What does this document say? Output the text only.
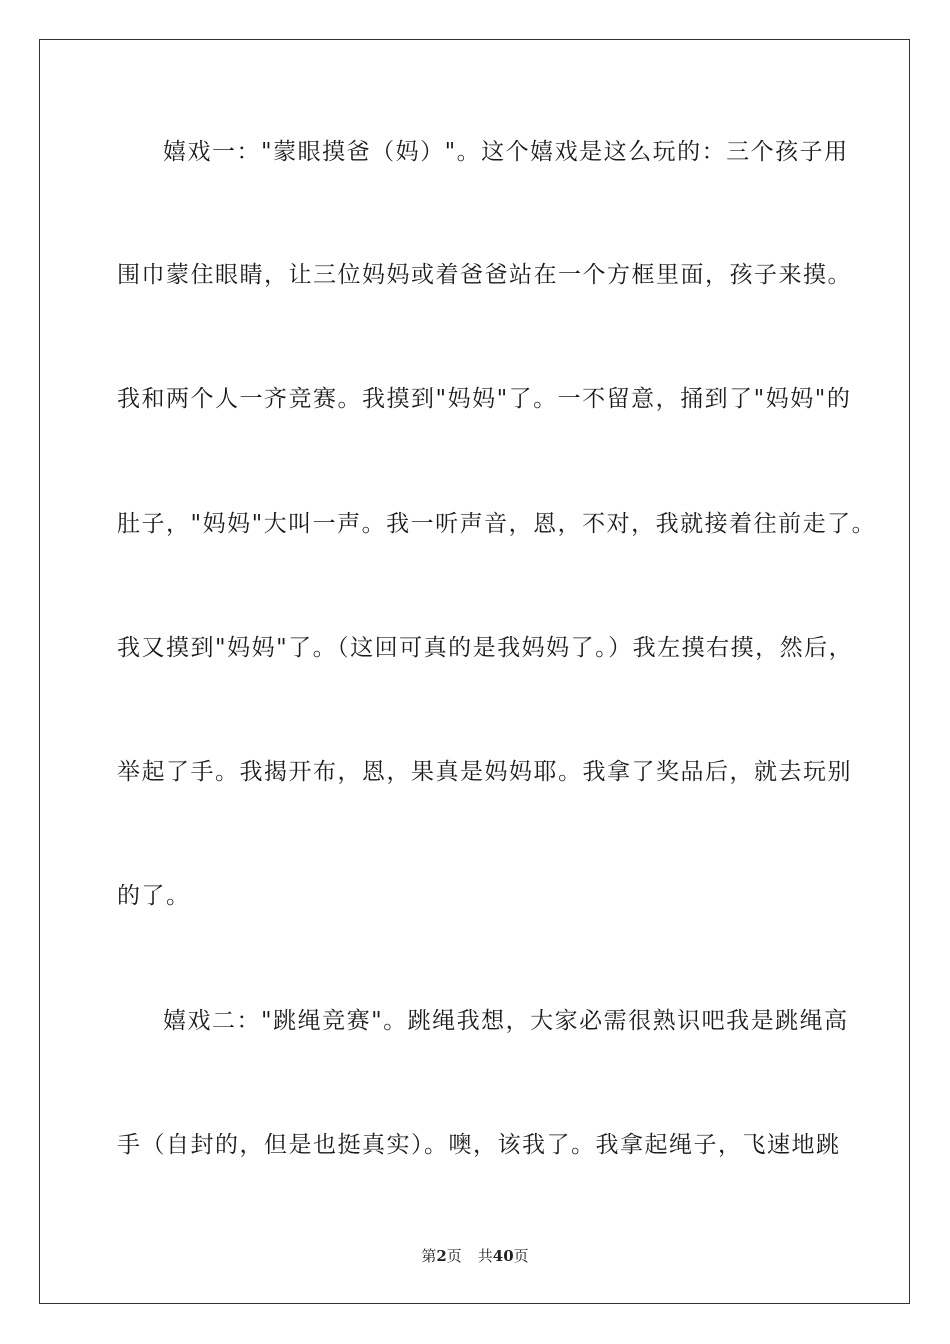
嬉戏一："蒙眼摸爸（妈）"。这个嬉戏是这么玩的：三个孩子用
围巾蒙住眼睛，让三位妈妈或着爸爸站在一个方框里面，孩子来摸。
我和两个人一齐竞赛。我摸到"妈妈"了。一不留意，捅到了"妈妈"的
肚子，"妈妈"大叫一声。我一听声音，恩，不对，我就接着往前走了。
我又摸到"妈妈"了。（这回可真的是我妈妈了。）我左摸右摸，然后，
举起了手。我揭开布，恩，果真是妈妈耶。我拿了奖品后，就去玩别
的了。
嬉戏二："跳绳竞赛"。跳绳我想，大家必需很熟识吧我是跳绳高
手（自封的，但是也挺真实）。噢，该我了。我拿起绳子，飞速地跳
第2页 共40页
